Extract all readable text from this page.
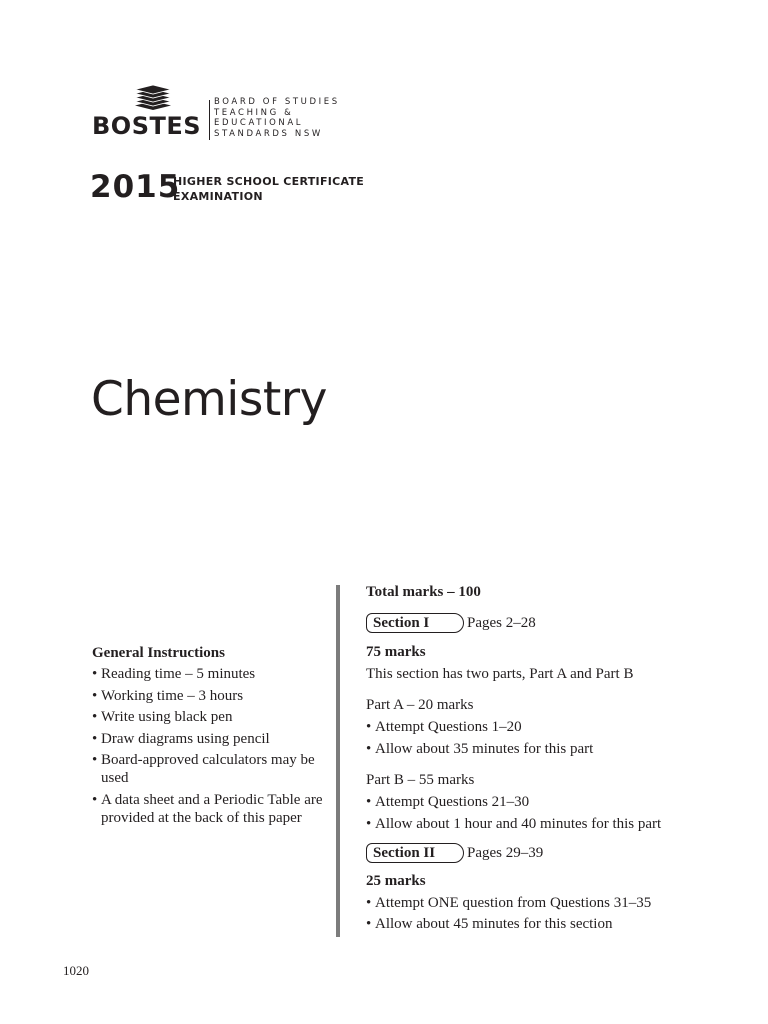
BOSTES
BOARD OF STUDIES
TEACHING &
EDUCATIONAL
STANDARDS NSW
2015
HIGHER SCHOOL CERTIFICATE
EXAMINATION
Chemistry
General Instructions
• Reading time – 5 minutes
• Working time – 3 hours
• Write using black pen
• Draw diagrams using pencil
• Board-approved calculators may be used
• A data sheet and a Periodic Table are provided at the back of this paper
Total marks – 100
Section I	Pages 2–28
75 marks
This section has two parts, Part A and Part B
Part A – 20 marks
• Attempt Questions 1–20
• Allow about 35 minutes for this part
Part B – 55 marks
• Attempt Questions 21–30
• Allow about 1 hour and 40 minutes for this part
Section II	Pages 29–39
25 marks
• Attempt ONE question from Questions 31–35
• Allow about 45 minutes for this section
1020
